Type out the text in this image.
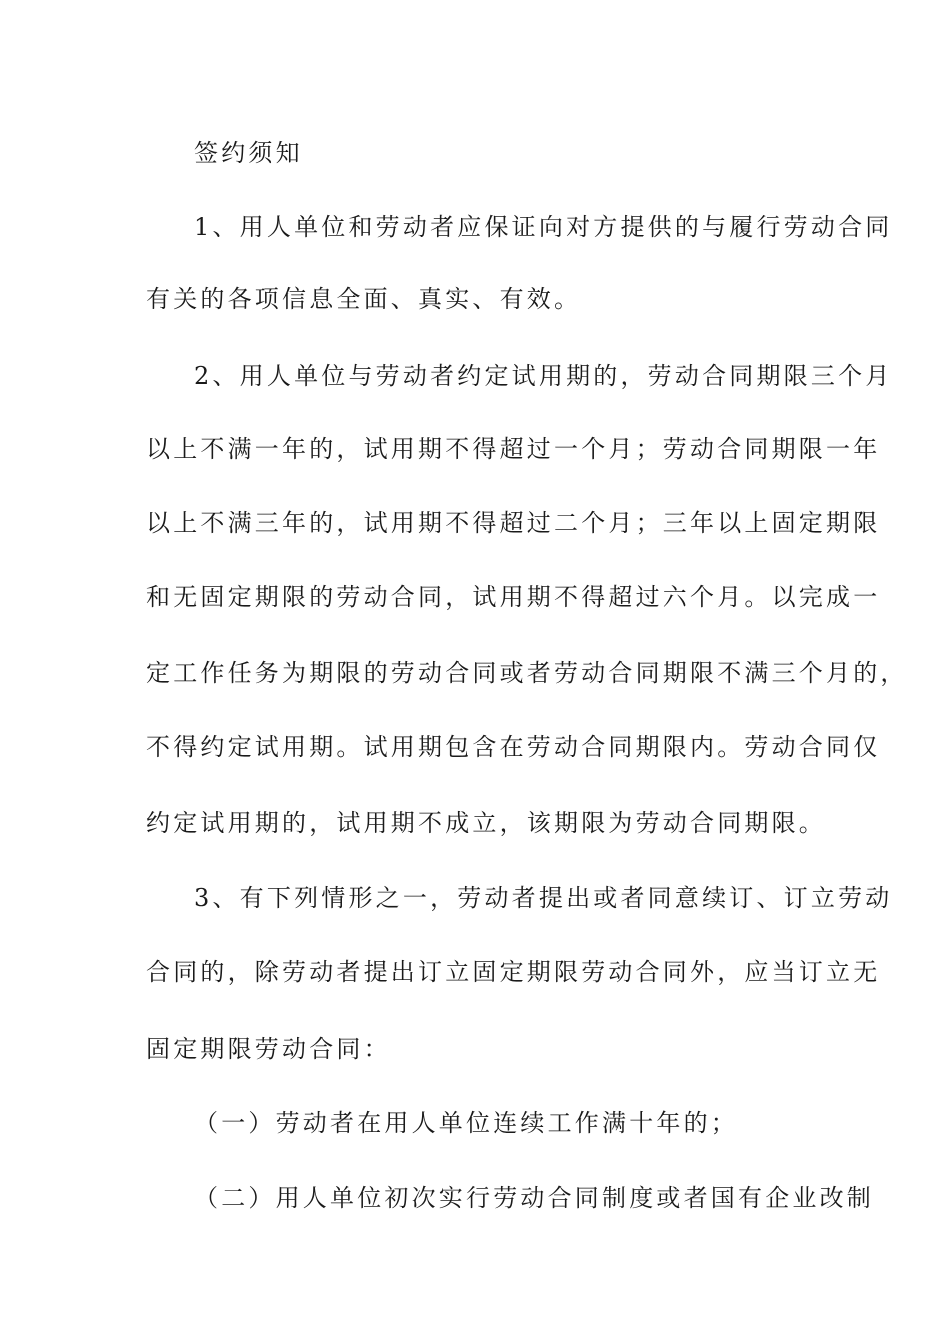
签约须知
1、用人单位和劳动者应保证向对方提供的与履行劳动合同
有关的各项信息全面、真实、有效。
2、用人单位与劳动者约定试用期的，劳动合同期限三个月
以上不满一年的，试用期不得超过一个月；劳动合同期限一年
以上不满三年的，试用期不得超过二个月；三年以上固定期限
和无固定期限的劳动合同，试用期不得超过六个月。以完成一
定工作任务为期限的劳动合同或者劳动合同期限不满三个月的，
不得约定试用期。试用期包含在劳动合同期限内。劳动合同仅
约定试用期的，试用期不成立，该期限为劳动合同期限。
3、有下列情形之一，劳动者提出或者同意续订、订立劳动
合同的，除劳动者提出订立固定期限劳动合同外，应当订立无
固定期限劳动合同：
（一）劳动者在用人单位连续工作满十年的；
（二）用人单位初次实行劳动合同制度或者国有企业改制
